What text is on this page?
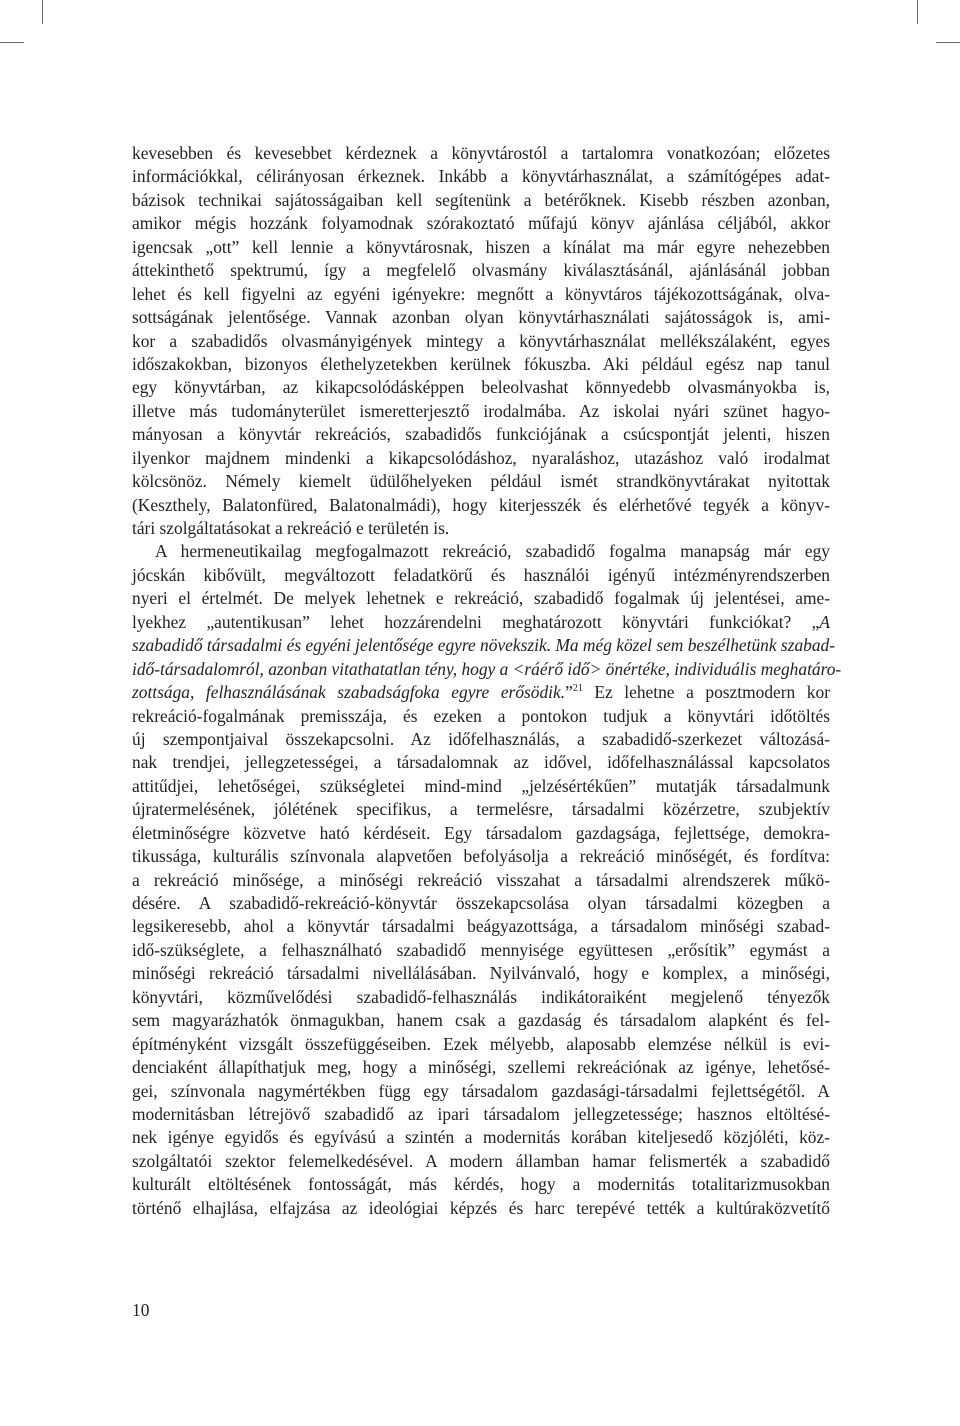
kevesebben és kevesebbet kérdeznek a könyvtárostól a tartalomra vonatkozóan; előzetes
információkkal, célirányosan érkeznek. Inkább a könyvtárhasználat, a számítógépes adat-
bázisok technikai sajátosságaiban kell segítenünk a betérőknek. Kisebb részben azonban,
amikor mégis hozzánk folyamodnak szórakoztató műfajú könyv ajánlása céljából, akkor
igencsak „ott” kell lennie a könyvtárosnak, hiszen a kínálat ma már egyre nehezebben
áttekinthető spektrumú, így a megfelelő olvasmány kiválasztásánál, ajánlásánál jobban
lehet és kell figyelni az egyéni igényekre: megnőtt a könyvtáros tájékozottságának, olva-
sottságának jelentősége. Vannak azonban olyan könyvtárhasználati sajátosságok is, ami-
kor a szabadidős olvasmányigények mintegy a könyvtárhasználat mellékszálaként, egyes
időszakokban, bizonyos élethelyzetekben kerülnek fókuszba. Aki például egész nap tanul
egy könyvtárban, az kikapcsolódásképpen beleolvashat könnyedebb olvasmányokba is,
illetve más tudományterület ismeretterjesztő irodalmába. Az iskolai nyári szünet hagyo-
mányosan a könyvtár rekreációs, szabadidős funkciójának a csúcspontját jelenti, hiszen
ilyenkor majdnem mindenki a kikapcsolódáshoz, nyaraláshoz, utazáshoz való irodalmat
kölcsönöz. Némely kiemelt üdülőhelyeken például ismét strandkönyvtárakat nyitottak
(Keszthely, Balatonfüred, Balatonalmádi), hogy kiterjesszék és elérhetővé tegyék a könyv-
tári szolgáltatásokat a rekreáció e területén is.
A hermeneutikailag megfogalmazott rekreáció, szabadidő fogalma manapság már egy
jócskán kibővült, megváltozott feladatkörű és használói igényű intézményrendszerben
nyeri el értelmét. De melyek lehetnek e rekreáció, szabadidő fogalmak új jelentései, ame-
lyekhez „autentikusan” lehet hozzárendelni meghatározott könyvtári funkciókat? „A
szabadidő társadalmi és egyéni jelentősége egyre növekszik. Ma még közel sem beszélhetünk szabad-
idő-társadalomról, azonban vitathatatlan tény, hogy a <ráérő idő> önértéke, individuális meghatáro-
zottsága, felhasználásának szabadságfoka egyre erősödik.”$^{21}$ Ez lehetne a posztmodern kor
rekreáció-fogalmának premisszája, és ezeken a pontokon tudjuk a könyvtári időtöltés
új szempontjaival összekapcsolni. Az időfelhasználás, a szabadidő-szerkezet változásá-
nak trendjei, jellegzetességei, a társadalomnak az idővel, időfelhasználással kapcsolatos
attitűdjei, lehetőségei, szükségletei mind-mind „jelzésértékűen” mutatják társadalmunk
újratermelésének, jólétének specifikus, a termelésre, társadalmi közérzetre, szubjektív
életminőségre közvetve ható kérdéseit. Egy társadalom gazdagsága, fejlettsége, demokra-
tikussága, kulturális színvonala alapvetően befolyásolja a rekreáció minőségét, és fordítva:
a rekreáció minősége, a minőségi rekreáció visszahat a társadalmi alrendszerek műkö-
désére. A szabadidő-rekreáció-könyvtár összekapcsolása olyan társadalmi közegben a
legsikeresebb, ahol a könyvtár társadalmi beágyazottsága, a társadalom minőségi szabad-
idő-szükséglete, a felhasználható szabadidő mennyisége együttesen „erősítik” egymást a
minőségi rekreáció társadalmi nivellálásában. Nyilvánvaló, hogy e komplex, a minőségi,
könyvtári, közművelődési szabadidő-felhasználás indikátoraiként megjelenő tényezők
sem magyarázhatók önmagukban, hanem csak a gazdaság és társadalom alapként és fel-
építményként vizsgált összefüggéseiben. Ezek mélyebb, alaposabb elemzése nélkül is evi-
denciaként állapíthatjuk meg, hogy a minőségi, szellemi rekreációnak az igénye, lehetősé-
gei, színvonala nagymértékben függ egy társadalom gazdasági-társadalmi fejlettségétől. A
modernitásban létrejövő szabadidő az ipari társadalom jellegzetessége; hasznos eltöltésé-
nek igénye egyidős és egyívású a szintén a modernitás korában kiteljesedő közjóléti, köz-
szolgáltatói szektor felemelkedésével. A modern államban hamar felismerték a szabadidő
kulturált eltöltésének fontosságát, más kérdés, hogy a modernitás totalitarizmusokban
történő elhajlása, elfajzása az ideológiai képzés és harc terepévé tették a kultúraközvetítő
10
